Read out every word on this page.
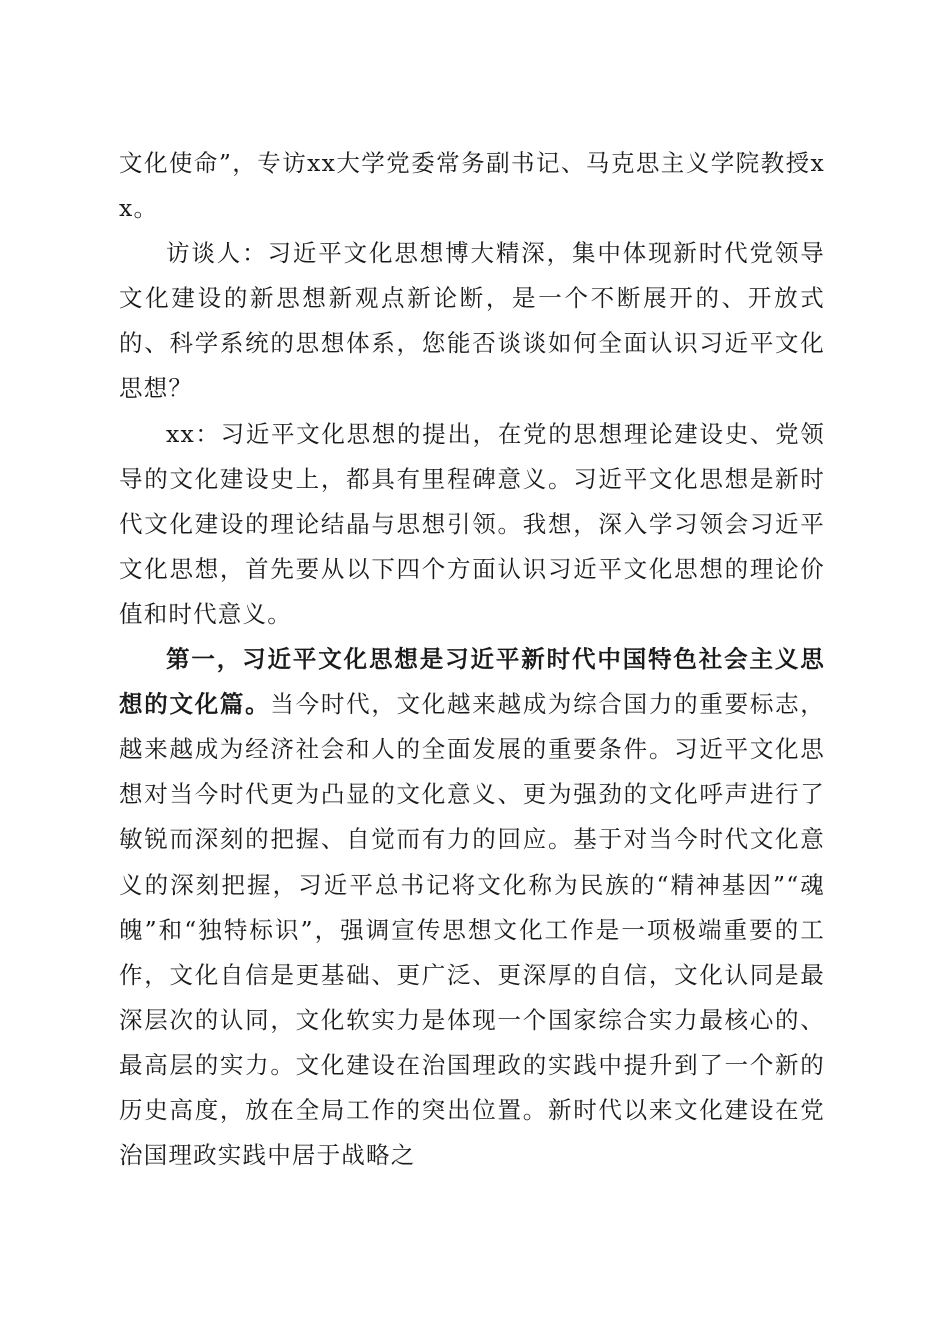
文化使命”，专访xx大学党委常务副书记、马克思主义学院教授xx。

访谈人：习近平文化思想博大精深，集中体现新时代党领导文化建设的新思想新观点新论断，是一个不断展开的、开放式的、科学系统的思想体系，您能否谈谈如何全面认识习近平文化思想？

xx：习近平文化思想的提出，在党的思想理论建设史、党领导的文化建设史上，都具有里程碑意义。习近平文化思想是新时代文化建设的理论结晶与思想引领。我想，深入学习领会习近平文化思想，首先要从以下四个方面认识习近平文化思想的理论价值和时代意义。

第一，习近平文化思想是习近平新时代中国特色社会主义思想的文化篇。当今时代，文化越来越成为综合国力的重要标志，越来越成为经济社会和人的全面发展的重要条件。习近平文化思想对当今时代更为凸显的文化意义、更为强劲的文化呼声进行了敏锐而深刻的把握、自觉而有力的回应。基于对当今时代文化意义的深刻把握，习近平总书记将文化称为民族的“精神基因”“魂魄”和“独特标识”，强调宣传思想文化工作是一项极端重要的工作，文化自信是更基础、更广泛、更深厚的自信，文化认同是最深层次的认同，文化软实力是体现一个国家综合实力最核心的、最高层的实力。文化建设在治国理政的实践中提升到了一个新的历史高度，放在全局工作的突出位置。新时代以来文化建设在党治国理政实践中居于战略之
